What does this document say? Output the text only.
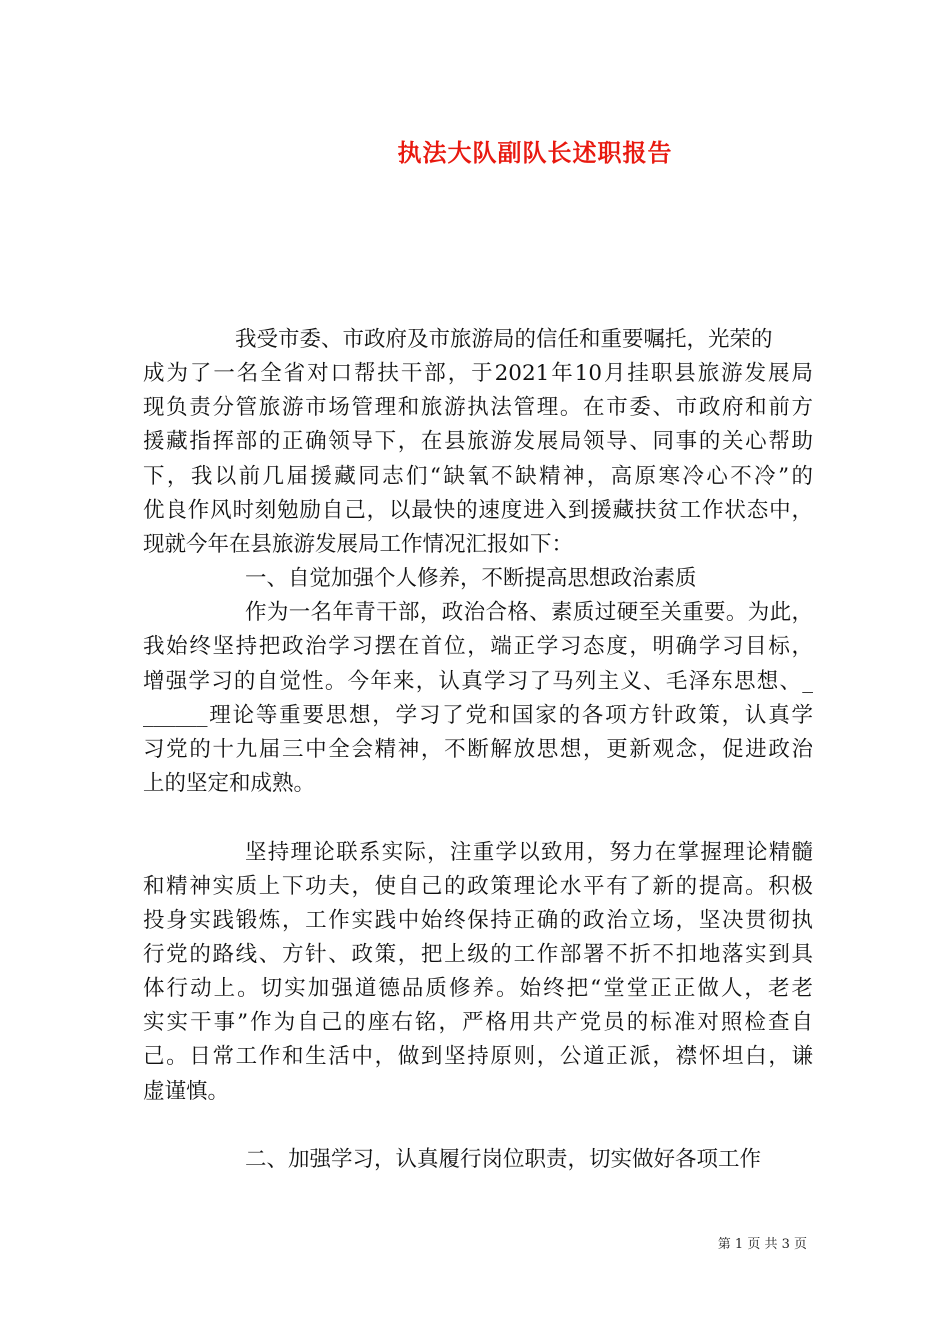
执法大队副队长述职报告
我受市委、市政府及市旅游局的信任和重要嘱托，光荣的
成为了一名全省对口帮扶干部，于2021年10月挂职县旅游发展局
现负责分管旅游市场管理和旅游执法管理。在市委、市政府和前方
援藏指挥部的正确领导下，在县旅游发展局领导、同事的关心帮助
下，我以前几届援藏同志们“缺氧不缺精神，高原寒冷心不冷”的
优良作风时刻勉励自己，以最快的速度进入到援藏扶贫工作状态中，
现就今年在县旅游发展局工作情况汇报如下：
一、自觉加强个人修养，不断提高思想政治素质
作为一名年青干部，政治合格、素质过硬至关重要。为此，
我始终坚持把政治学习摆在首位，端正学习态度，明确学习目标，
增强学习的自觉性。今年来，认真学习了马列主义、毛泽东思想、_
______理论等重要思想，学习了党和国家的各项方针政策，认真学
习党的十九届三中全会精神，不断解放思想，更新观念，促进政治
上的坚定和成熟。
坚持理论联系实际，注重学以致用，努力在掌握理论精髓
和精神实质上下功夫，使自己的政策理论水平有了新的提高。积极
投身实践锻炼，工作实践中始终保持正确的政治立场，坚决贯彻执
行党的路线、方针、政策，把上级的工作部署不折不扣地落实到具
体行动上。切实加强道德品质修养。始终把“堂堂正正做人，老老
实实干事”作为自己的座右铭，严格用共产党员的标准对照检查自
己。日常工作和生活中，做到坚持原则，公道正派，襟怀坦白，谦
虚谨慎。
二、加强学习，认真履行岗位职责，切实做好各项工作
第 1 页 共 3 页
